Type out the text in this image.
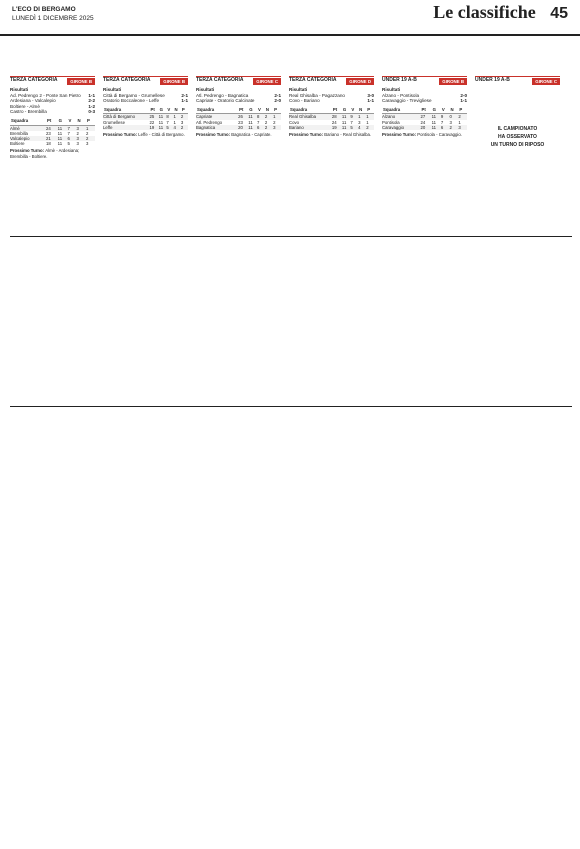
L'ECO DI BERGAMO
LUNEDÌ 1 DICEMBRE 2025	Le classifiche 45
TERZA CATEGORIA	GIRONE B
Risultati
Ad. Pedrengo 2 - Ponte San Pietro 1-1
Ardesiana - Valcalepio	2-2
Boltiere - Almè	1-2
Castro - Brembilla	0-3
Squadra	Pt	G	V	N	P
Almè	24	11	7	3	1
Brembilla	23	11	7	2	2
Valcalepio	21	11	6	3	2
Boltiere	18	11	5	3	3
Prossimo Turno: Almè - Ardesiana; Brembilla - Boltiere.
TERZA CATEGORIA	GIRONE B
Risultati
Città di Bergamo - Grumellese	2-1
Oratorio Boccaleone - Leffe	1-1
Squadra	Pt	G	V	N	P
Città di Bergamo	25	11	8	1	2
Grumellese	22	11	7	1	3
Leffe	19	11	5	4	2
Prossimo Turno: Leffe - Città di Bergamo.
TERZA CATEGORIA	GIRONE C
Risultati
Atl. Pedrengo - Bagnatica	2-1
Capriate - Oratorio Calcinate	2-0
Squadra	Pt	G	V	N	P
Capriate	26	11	8	2	1
Atl. Pedrengo	23	11	7	2	2
Bagnatica	20	11	6	2	3
Prossimo Turno: Bagnatica - Capriate.
TERZA CATEGORIA	GIRONE D
Risultati
Real Ghisalba - Pagazzano	3-0
Covo - Bariano	1-1
Squadra	Pt	G	V	N	P
Real Ghisalba	28	11	9	1	1
Covo	24	11	7	3	1
Bariano	19	11	5	4	2
Prossimo Turno: Bariano - Real Ghisalba.
UNDER 19 A-B	GIRONE B
Risultati
Alzano - Pontisola	2-0
Caravaggio - Trevigliese	1-1
Squadra	Pt	G	V	N	P
Alzano	27	11	9	0	2
Pontisola	24	11	7	3	1
Caravaggio	20	11	6	2	3
Prossimo Turno: Pontisola - Caravaggio.
UNDER 19 A-B	GIRONE C
IL CAMPIONATO
HA OSSERVATO
UN TURNO DI RIPOSO
